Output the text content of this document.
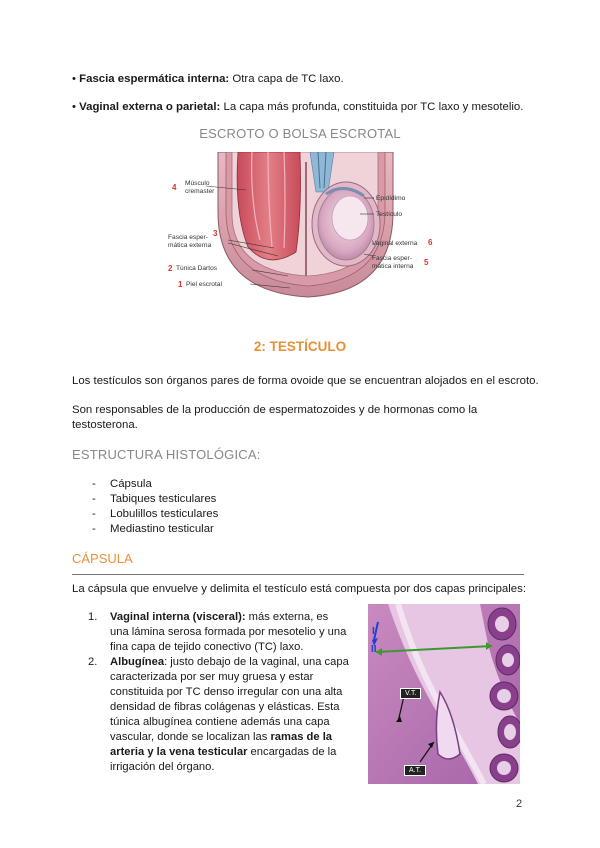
• Fascia espermática interna: Otra capa de TC laxo.
• Vaginal externa o parietal: La capa más profunda, constituida por TC laxo y mesotelio.
ESCROTO O BOLSA ESCROTAL
4 Músculo
cremaster
3
Fascia esper-
mática externa
2 Túnica Dartos
1 Piel escrotal
Epidídimo
Testículo
Vaginal externa 6
Fascia esper-
mática interna	5
2: TESTÍCULO
Los testículos son órganos pares de forma ovoide que se encuentran alojados en el escroto.
Son responsables de la producción de espermatozoides y de hormonas como la testosterona.
ESTRUCTURA HISTOLÓGICA:
- Cápsula
- Tabiques testiculares
- Lobulillos testiculares
- Mediastino testicular
CÁPSULA
La cápsula que envuelve y delimita el testículo está compuesta por dos capas principales:
1. Vaginal interna (visceral): más externa, es una lámina serosa formada por mesotelio y una fina capa de tejido conectivo (TC) laxo.
2. Albugínea: justo debajo de la vaginal, una capa caracterizada por ser muy gruesa y estar constituida por TC denso irregular con una alta densidad de fibras colágenas y elásticas. Esta túnica albugínea contiene además una capa vascular, donde se localizan las ramas de la arteria y la vena testicular encargadas de la irrigación del órgano.
II
I
V.T.
A.T.
2
